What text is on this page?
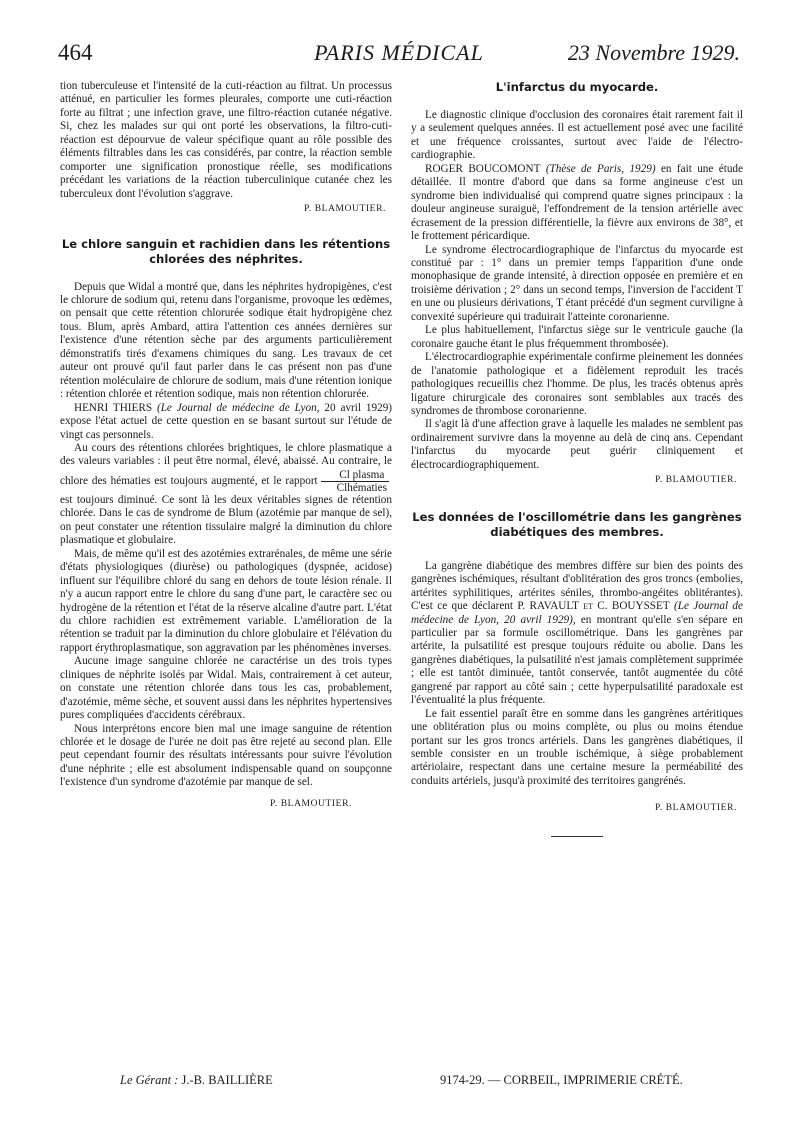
464	PARIS MÉDICAL	23 Novembre 1929.

tion tuberculeuse et l'intensité de la cuti-réaction au filtrat. Un processus atténué, en particulier les formes pleurales, comporte une cuti-réaction forte au filtrat ; une infection grave, une filtro-réaction cutanée négative. Si, chez les malades sur qui ont porté les observations, la filtro-cuti-réaction est dépourvue de valeur spécifique quant au rôle possible des éléments filtrables dans les cas considérés, par contre, la réaction semble comporter une signification pronostique réelle, ses modifications précédant les variations de la réaction tuberculinique cutanée chez les tuberculeux dont l'évolution s'aggrave.

P. BLAMOUTIER.
Le chlore sanguin et rachidien dans les rétentions chlorées des néphrites.

Depuis que Widal a montré que, dans les néphrites hydropigènes, c'est le chlorure de sodium qui, retenu dans l'organisme, provoque les œdèmes, on pensait que cette rétention chlorurée sodique était hydropigène chez tous. Blum, après Ambard, attira l'attention ces années dernières sur l'existence d'une rétention sèche par des arguments particulièrement démonstratifs tirés d'examens chimiques du sang. Les travaux de cet auteur ont prouvé qu'il faut parler dans le cas présent non pas d'une rétention moléculaire de chlorure de sodium, mais d'une rétention ionique : rétention chlorée et rétention sodique, mais non rétention chlorurée.

HENRI THIERS (Le Journal de médecine de Lyon, 20 avril 1929) expose l'état actuel de cette question en se basant surtout sur l'étude de vingt cas personnels.

Au cours des rétentions chlorées brightiques, le chlore plasmatique a des valeurs variables : il peut être normal, élevé, abaissé. Au contraire, le chlore des hématies est toujours augmenté, et le rapport $\frac{\text{Cl plasma}}{\text{Clhématies}}$
est toujours diminué. Ce sont là les deux véritables signes de rétention chlorée. Dans le cas de syndrome de Blum (azotémie par manque de sel), on peut constater une rétention tissulaire malgré la diminution du chlore plasmatique et globulaire.

Mais, de même qu'il est des azotémies extrarénales, de même une série d'états physiologiques (diurèse) ou pathologiques (dyspnée, acidose) influent sur l'équilibre chloré du sang en dehors de toute lésion rénale. Il n'y a aucun rapport entre le chlore du sang d'une part, le caractère sec ou hydrogène de la rétention et l'état de la réserve alcaline d'autre part. L'état du chlore rachidien est extrêmement variable. L'amélioration de la rétention se traduit par la diminution du chlore globulaire et l'élévation du rapport érythroplasmatique, son aggravation par les phénomènes inverses.

Aucune image sanguine chlorée ne caractérise un des trois types cliniques de néphrite isolés par Widal. Mais, contrairement à cet auteur, on constate une rétention chlorée dans tous les cas, probablement, d'azotémie, même sèche, et souvent aussi dans les néphrites hypertensives pures compliquées d'accidents cérébraux.

Nous interprétons encore bien mal une image sanguine de rétention chlorée et le dosage de l'urée ne doit pas être rejeté au second plan. Elle peut cependant fournir des résultats intéressants pour suivre l'évolution d'une néphrite ; elle est absolument indispensable quand on soupçonne l'existence d'un syndrome d'azotémie par manque de sel.

P. BLAMOUTIER.
L'infarctus du myocarde.

Le diagnostic clinique d'occlusion des coronaires était rarement fait il y a seulement quelques années. Il est actuellement posé avec une facilité et une fréquence croissantes, surtout avec l'aide de l'électro-cardiographie.

ROGER BOUCOMONT (Thèse de Paris, 1929) en fait une étude détaillée. Il montre d'abord que dans sa forme angineuse c'est un syndrome bien individualisé qui comprend quatre signes principaux : la douleur angineuse suraiguë, l'effondrement de la tension artérielle avec écrasement de la pression différentielle, la fièvre aux environs de 38°, et le frottement péricardique.

Le syndrome électrocardiographique de l'infarctus du myocarde est constitué par : 1° dans un premier temps l'apparition d'une onde monophasique de grande intensité, à direction opposée en première et en troisième dérivation ; 2° dans un second temps, l'inversion de l'accident T en une ou plusieurs dérivations, T étant précédé d'un segment curviligne à convexité supérieure qui traduirait l'atteinte coronarienne.

Le plus habituellement, l'infarctus siège sur le ventricule gauche (la coronaire gauche étant le plus fréquemment thrombosée).

L'électrocardiographie expérimentale confirme pleinement les données de l'anatomie pathologique et a fidèlement reproduit les tracés pathologiques recueillis chez l'homme. De plus, les tracés obtenus après ligature chirurgicale des coronaires sont semblables aux tracés des syndromes de thrombose coronarienne.

Il s'agit là d'une affection grave à laquelle les malades ne semblent pas ordinairement survivre dans la moyenne au delà de cinq ans. Cependant l'infarctus du myocarde peut guérir cliniquement et électrocardiographiquement.

P. BLAMOUTIER.
Les données de l'oscillométrie dans les gangrènes diabétiques des membres.

La gangrène diabétique des membres diffère sur bien des points des gangrènes ischémiques, résultant d'oblitération des gros troncs (embolies, artérites syphilitiques, artérites séniles, thrombo-angéites oblitérantes). C'est ce que déclarent P. RAVAULT et C. BOUYSSET (Le Journal de médecine de Lyon, 20 avril 1929), en montrant qu'elle s'en sépare en particulier par sa formule oscillométrique. Dans les gangrènes par artérite, la pulsatilité est presque toujours réduite ou abolie. Dans les gangrènes diabétiques, la pulsatilité n'est jamais complètement supprimée ; elle est tantôt diminuée, tantôt conservée, tantôt augmentée du côté gangrené par rapport au côté sain ; cette hyperpulsatilité paradoxale est l'éventualité la plus fréquente.

Le fait essentiel paraît être en somme dans les gangrènes artéritiques une oblitération plus ou moins complète, ou plus ou moins étendue portant sur les gros troncs artériels. Dans les gangrènes diabétiques, il semble consister en un trouble ischémique, à siège probablement artériolaire, respectant dans une certaine mesure la perméabilité des conduits artériels, jusqu'à proximité des territoires gangrénés.

P. BLAMOUTIER.
Le Gérant : J.-B. BAILLIÈRE	9174-29. — CORBEIL, IMPRIMERIE CRÉTÉ.
